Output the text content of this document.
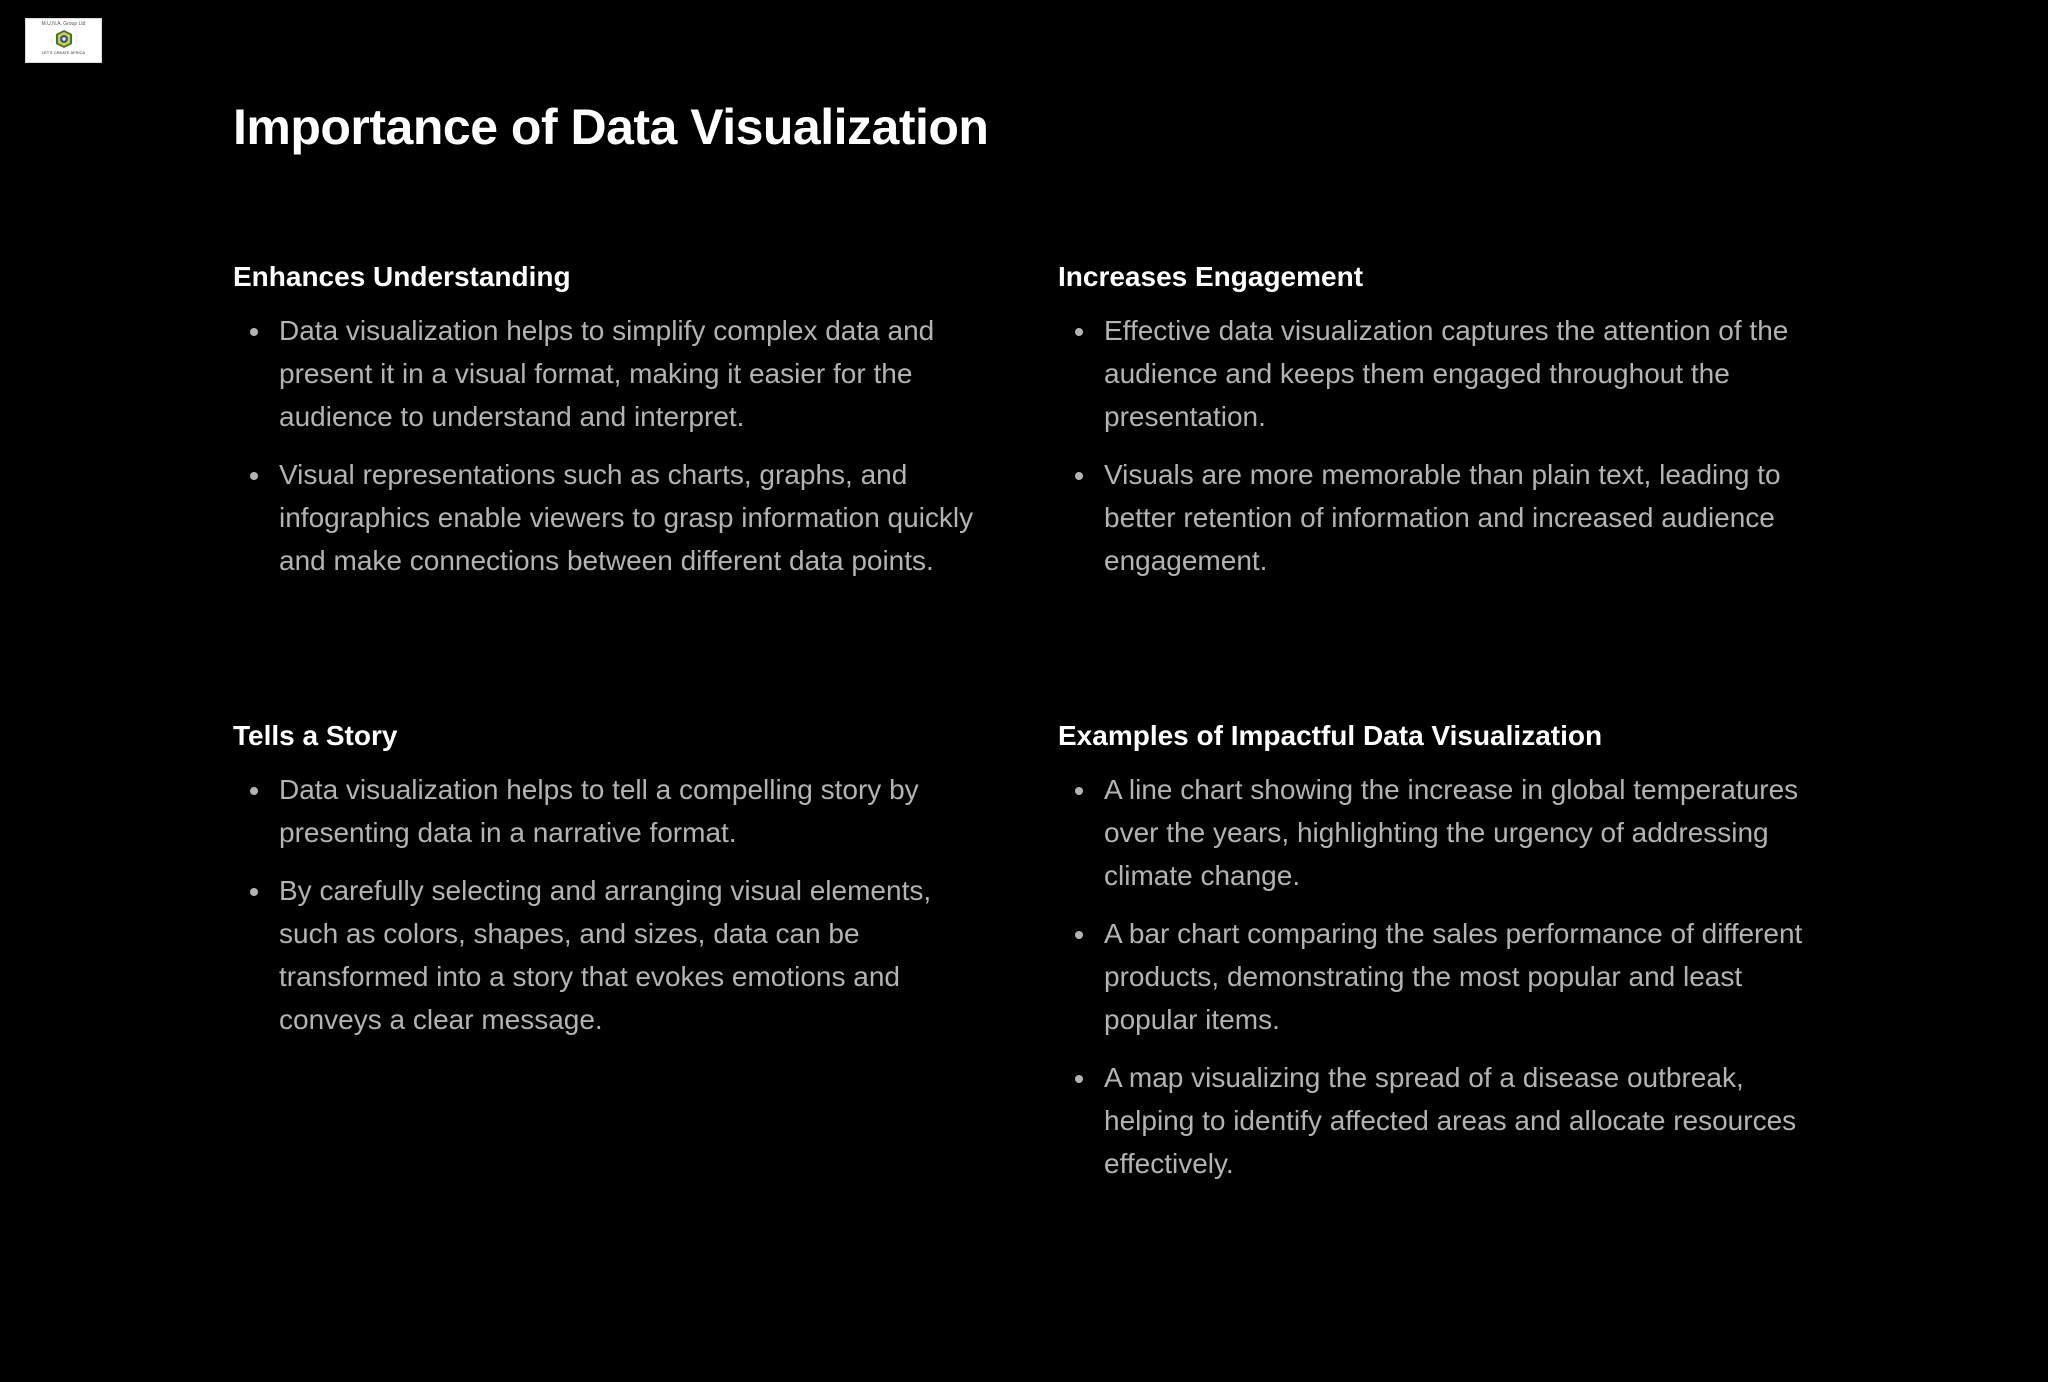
M.U.N.A. Group Ltd
LET'S CREATE AFRICA
Importance of Data Visualization
Enhances Understanding
Data visualization helps to simplify complex data and present it in a visual format, making it easier for the audience to understand and interpret.
Visual representations such as charts, graphs, and infographics enable viewers to grasp information quickly and make connections between different data points.
Increases Engagement
Effective data visualization captures the attention of the audience and keeps them engaged throughout the presentation.
Visuals are more memorable than plain text, leading to better retention of information and increased audience engagement.
Tells a Story
Data visualization helps to tell a compelling story by presenting data in a narrative format.
By carefully selecting and arranging visual elements, such as colors, shapes, and sizes, data can be transformed into a story that evokes emotions and conveys a clear message.
Examples of Impactful Data Visualization
A line chart showing the increase in global temperatures over the years, highlighting the urgency of addressing climate change.
A bar chart comparing the sales performance of different products, demonstrating the most popular and least popular items.
A map visualizing the spread of a disease outbreak, helping to identify affected areas and allocate resources effectively.
